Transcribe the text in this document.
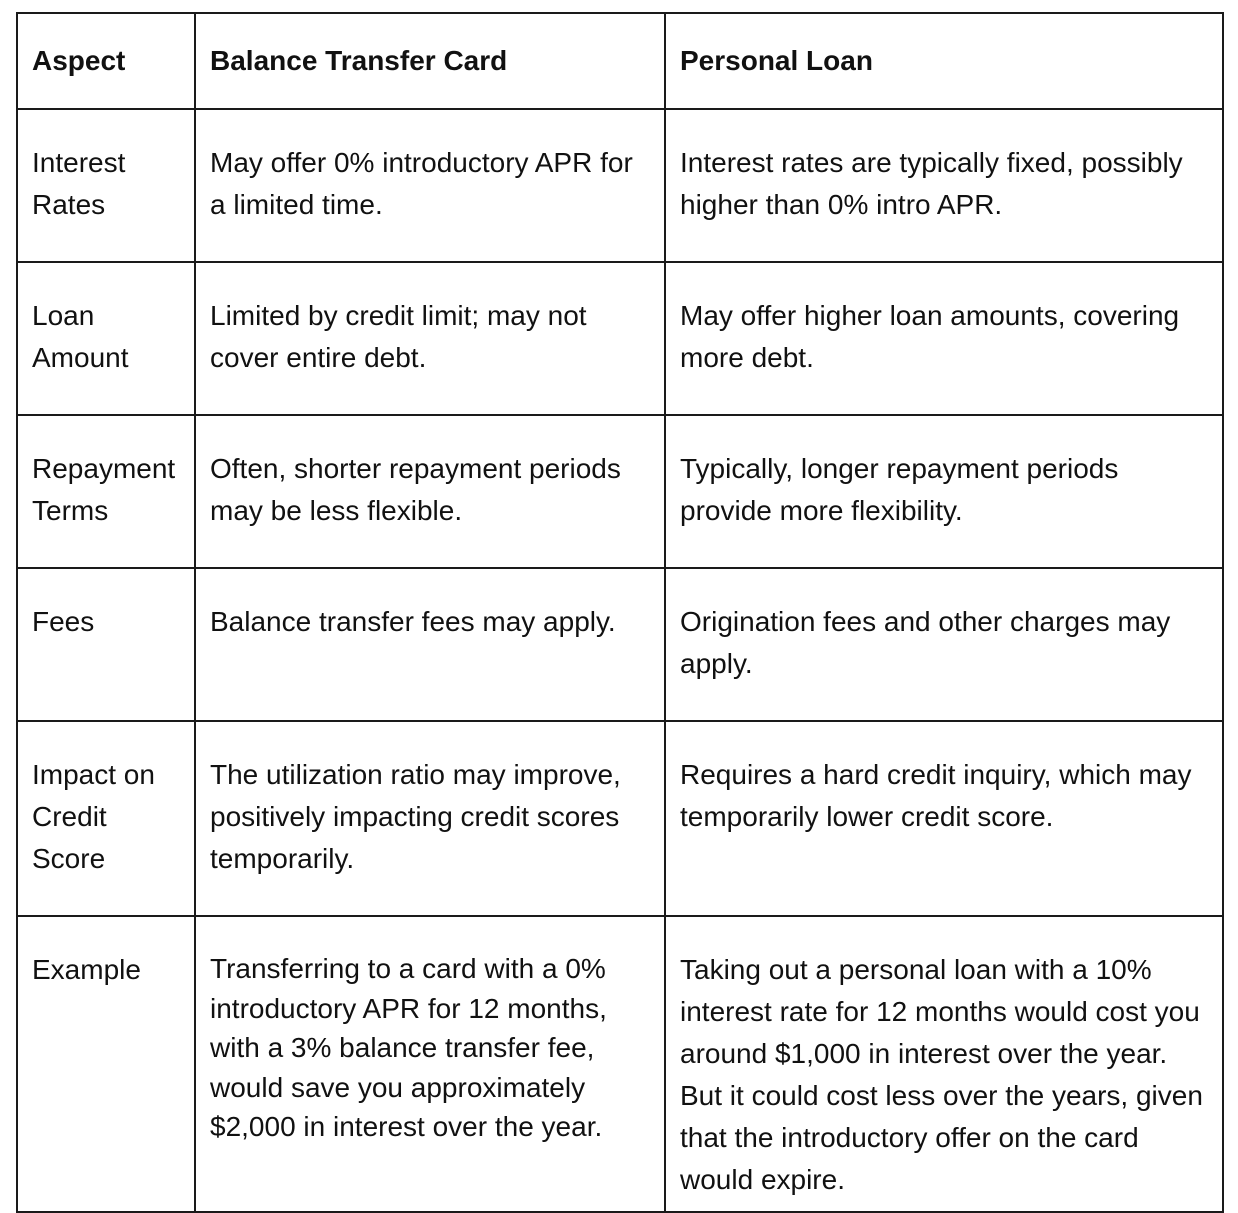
Aspect	Balance Transfer Card	Personal Loan
Interest Rates	May offer 0% introductory APR for a limited time.	Interest rates are typically fixed, possibly higher than 0% intro APR.
Loan Amount	Limited by credit limit; may not cover entire debt.	May offer higher loan amounts, covering more debt.
Repayment Terms	Often, shorter repayment periods may be less flexible.	Typically, longer repayment periods provide more flexibility.
Fees	Balance transfer fees may apply.	Origination fees and other charges may apply.
Impact on Credit Score	The utilization ratio may improve, positively impacting credit scores temporarily.	Requires a hard credit inquiry, which may temporarily lower credit score.
Example	Transferring to a card with a 0% introductory APR for 12 months, with a 3% balance transfer fee, would save you approximately $2,000 in interest over the year.	Taking out a personal loan with a 10% interest rate for 12 months would cost you around $1,000 in interest over the year. But it could cost less over the years, given that the introductory offer on the card would expire.
